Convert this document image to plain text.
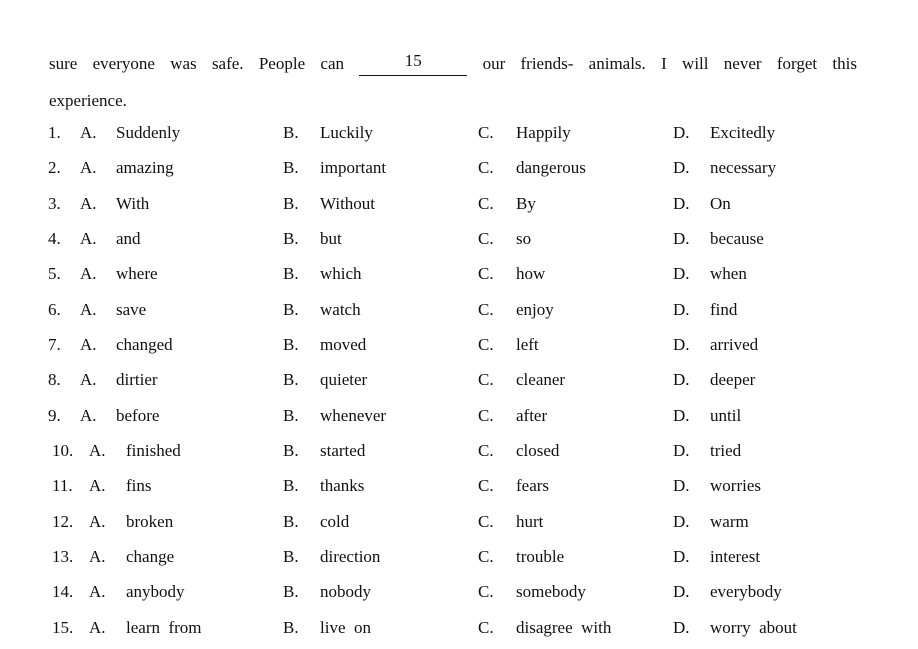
sure everyone was safe. People can	15	our friends- animals. I will never forget this
experience.
1. A. Suddenly	B. Luckily	C. Happily	D. Excitedly
2. A. amazing	B. important	C. dangerous	D. necessary
3. A. With	B. Without	C. By	D. On
4. A. and	B. but	C. so	D. because
5. A. where	B. which	C. how	D. when
6. A. save	B. watch	C. enjoy	D. find
7. A. changed	B. moved	C. left	D. arrived
8. A. dirtier	B. quieter	C. cleaner	D. deeper
9. A. before	B. whenever	C. after	D. until
10. A. finished	B. started	C. closed	D. tried
11. A. fins	B. thanks	C. fears	D. worries
12. A. broken	B. cold	C. hurt	D. warm
13. A. change	B. direction	C. trouble	D. interest
14. A. anybody	B. nobody	C. somebody	D. everybody
15. A. learn  from	B. live  on	C. disagree  with	D. worry  about
